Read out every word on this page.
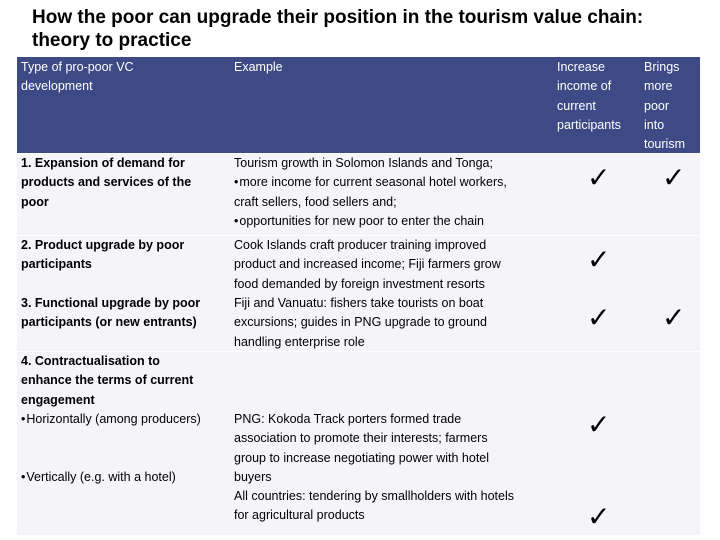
How the poor can upgrade their position in the tourism value chain:
theory to practice
Type of pro-poor VC
development
Example	Increase
income of
current
participants
Brings
more
poor
into
tourism
1. Expansion of demand for
products and services of the
poor
Tourism growth in Solomon Islands and Tonga;
• more income for current seasonal hotel workers,
craft sellers, food sellers and;
• opportunities for new poor to enter the chain
✓ ✓
2. Product upgrade by poor
participants
Cook Islands craft producer training improved
product and increased income; Fiji farmers grow
food demanded by foreign investment resorts
✓
3. Functional upgrade by poor
participants (or new entrants)
Fiji and Vanuatu: fishers take tourists on boat
excursions; guides in PNG upgrade to ground
handling enterprise role
✓ ✓
4. Contractualisation to
enhance the terms of current
engagement
• Horizontally (among producers)
• Vertically (e.g. with a hotel)
PNG: Kokoda Track porters formed trade
association to promote their interests; farmers
group to increase negotiating power with hotel
buyers
All countries: tendering by smallholders with hotels
for agricultural products
✓
✓
